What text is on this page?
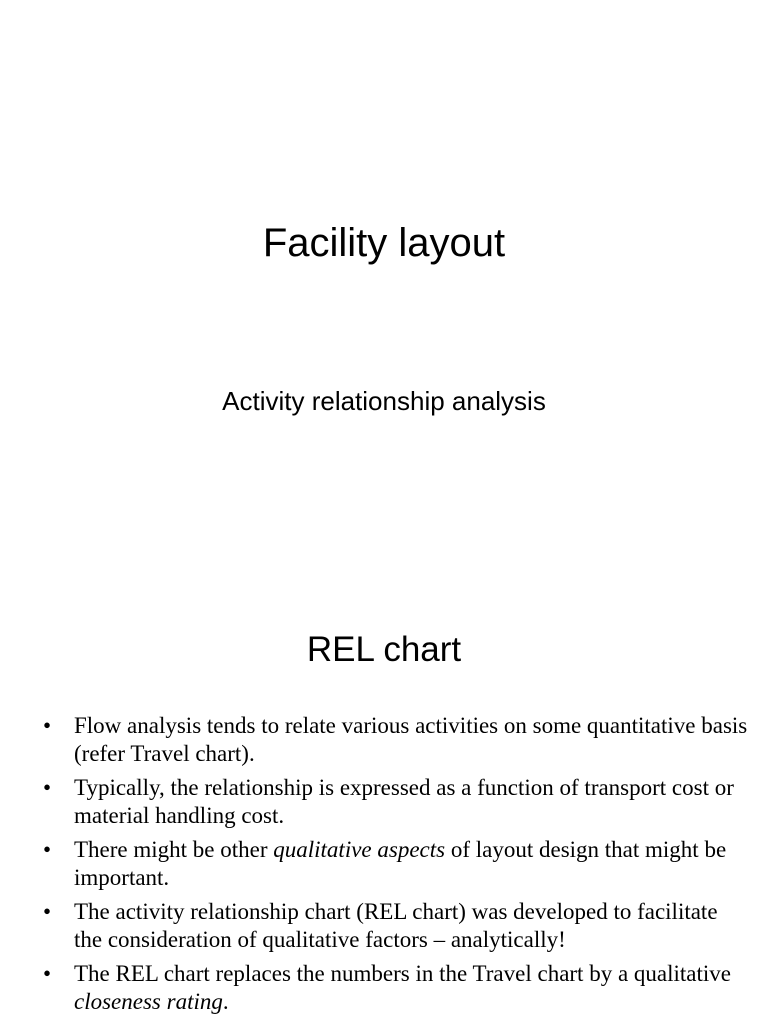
Facility layout
Activity relationship analysis
REL chart
• Flow analysis tends to relate various activities on some quantitative basis (refer Travel chart).
• Typically, the relationship is expressed as a function of transport cost or material handling cost.
• There might be other qualitative aspects of layout design that might be important.
• The activity relationship chart (REL chart) was developed to facilitate the consideration of qualitative factors – analytically!
• The REL chart replaces the numbers in the Travel chart by a qualitative closeness rating.
